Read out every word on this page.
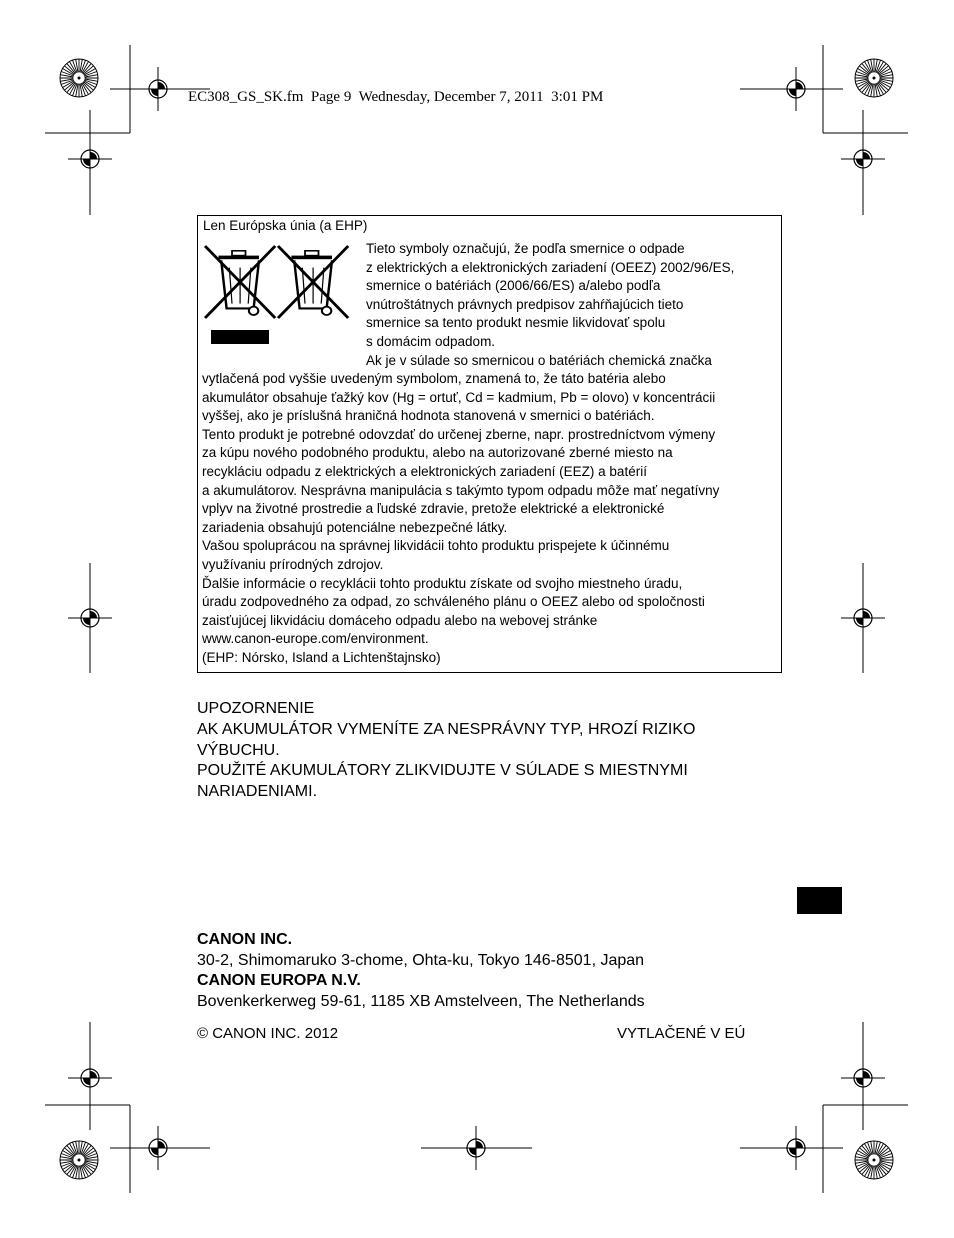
EC308_GS_SK.fm  Page 9  Wednesday, December 7, 2011  3:01 PM
Len Európska únia (a EHP)
Tieto symboly označujú, že podľa smernice o odpade
z elektrických a elektronických zariadení (OEEZ) 2002/96/ES,
smernice o batériách (2006/66/ES) a/alebo podľa
vnútroštátnych právnych predpisov zahŕňajúcich tieto
smernice sa tento produkt nesmie likvidovať spolu
s domácim odpadom.
Ak je v súlade so smernicou o batériách chemická značka
vytlačená pod vyššie uvedeným symbolom, znamená to, že táto batéria alebo
akumulátor obsahuje ťažký kov (Hg = ortuť, Cd = kadmium, Pb = olovo) v koncentrácii
vyššej, ako je príslušná hraničná hodnota stanovená v smernici o batériách.
Tento produkt je potrebné odovzdať do určenej zberne, napr. prostredníctvom výmeny
za kúpu nového podobného produktu, alebo na autorizované zberné miesto na
recykláciu odpadu z elektrických a elektronických zariadení (EEZ) a batérií
a akumulátorov. Nesprávna manipulácia s takýmto typom odpadu môže mať negatívny
vplyv na životné prostredie a ľudské zdravie, pretože elektrické a elektronické
zariadenia obsahujú potenciálne nebezpečné látky.
Vašou spoluprácou na správnej likvidácii tohto produktu prispejete k účinnému
využívaniu prírodných zdrojov.
Ďalšie informácie o recyklácii tohto produktu získate od svojho miestneho úradu,
úradu zodpovedného za odpad, zo schváleného plánu o OEEZ alebo od spoločnosti
zaisťujúcej likvidáciu domáceho odpadu alebo na webovej stránke
www.canon-europe.com/environment.
(EHP: Nórsko, Island a Lichtenštajnsko)
UPOZORNENIE
AK AKUMULÁTOR VYMENÍTE ZA NESPRÁVNY TYP, HROZÍ RIZIKO
VÝBUCHU.
POUŽITÉ AKUMULÁTORY ZLIKVIDUJTE V SÚLADE S MIESTNYMI
NARIADENIAMI.
CANON INC.
30-2, Shimomaruko 3-chome, Ohta-ku, Tokyo 146-8501, Japan
CANON EUROPA N.V.
Bovenkerkerweg 59-61, 1185 XB Amstelveen, The Netherlands
© CANON INC. 2012	VYTLAČENÉ V EÚ
